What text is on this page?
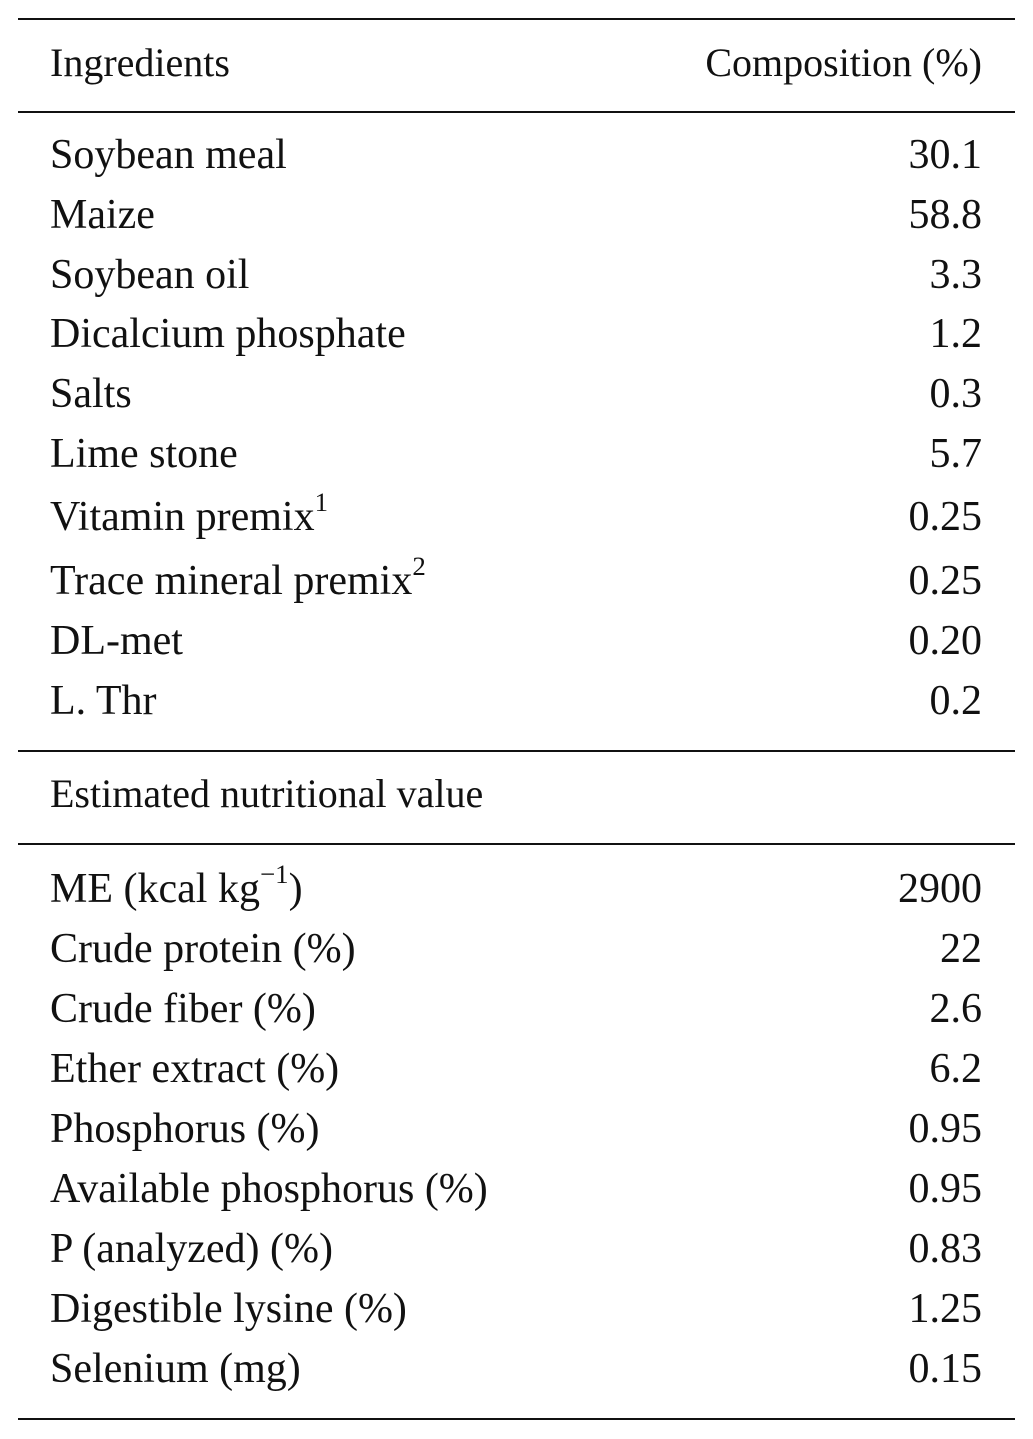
Ingredients	Composition (%)
Soybean meal	30.1
Maize	58.8
Soybean oil	3.3
Dicalcium phosphate	1.2
Salts	0.3
Lime stone	5.7
Vitamin premix$^1$	0.25
Trace mineral premix$^2$	0.25
DL-met	0.20
L. Thr	0.2
Estimated nutritional value
ME (kcal $kg^{-1}$)	2900
Crude protein (%)	22
Crude fiber (%)	2.6
Ether extract (%)	6.2
Phosphorus (%)	0.95
Available phosphorus (%)	0.95
P (analyzed) (%)	0.83
Digestible lysine (%)	1.25
Selenium (mg)	0.15
